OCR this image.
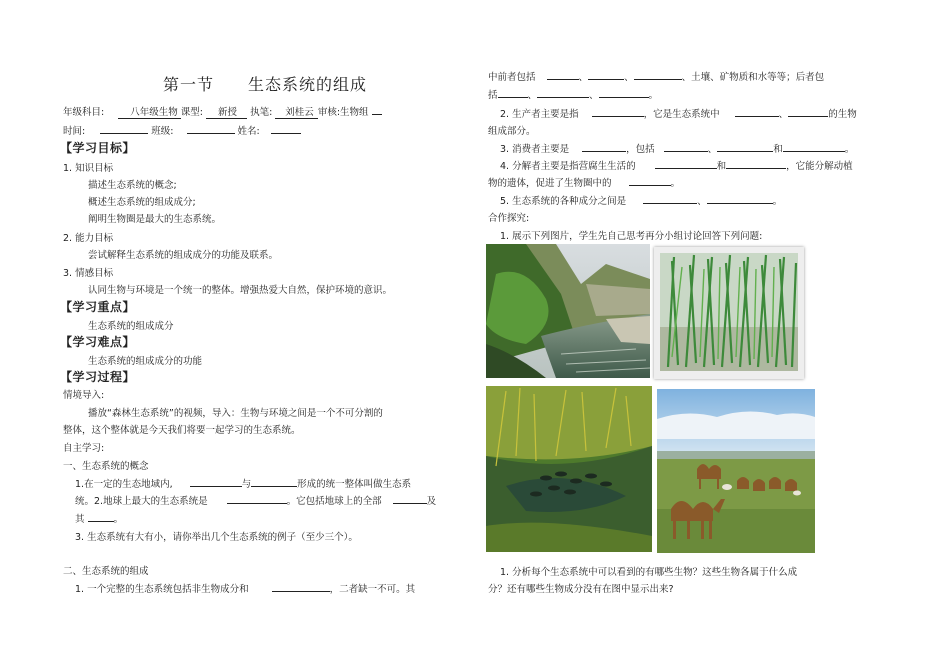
第一节　　生态系统的组成
年级科目:	八年级生物 课型: 新授 执笔: 刘桂云 审核:生物组
时间:	班级:	姓名:
【学习目标】
1. 知识目标
描述生态系统的概念;
概述生态系统的组成成分;
阐明生物圈是最大的生态系统。
2. 能力目标
尝试解释生态系统的组成成分的功能及联系。
3. 情感目标
认同生物与环境是一个统一的整体。增强热爱大自然，保护环境的意识。
【学习重点】
生态系统的组成成分
【学习难点】
生态系统的组成成分的功能
【学习过程】
情境导入:
播放“森林生态系统”的视频，导入：生物与环境之间是一个不可分割的
整体，这个整体就是今天我们将要一起学习的生态系统。
自主学习:
一、生态系统的概念
1.在一定的生态地域内,	与	形成的统一整体叫做生态系
统。2.地球上最大的生态系统是	。它包括地球上的全部	及
其	。
3. 生态系统有大有小，请你举出几个生态系统的例子（至少三个）。
二、生态系统的组成
1. 一个完整的生态系统包括非生物成分和	，二者缺一不可。其
中前者包括	、	、	、土壤、矿物质和水等等；后者包
括	、	、	。
2. 生产者主要是指	，它是生态系统中	、	的生物
组成部分。
3. 消费者主要是	，包括	、	和	。
4. 分解者主要是指营腐生生活的	和	，它能分解动植
物的遗体，促进了生物圈中的	。
5. 生态系统的各种成分之间是	、	。
合作探究:
1. 展示下列图片，学生先自己思考再分小组讨论回答下列问题:
1. 分析每个生态系统中可以看到的有哪些生物？这些生物各属于什么成
分？还有哪些生物成分没有在图中显示出来?
